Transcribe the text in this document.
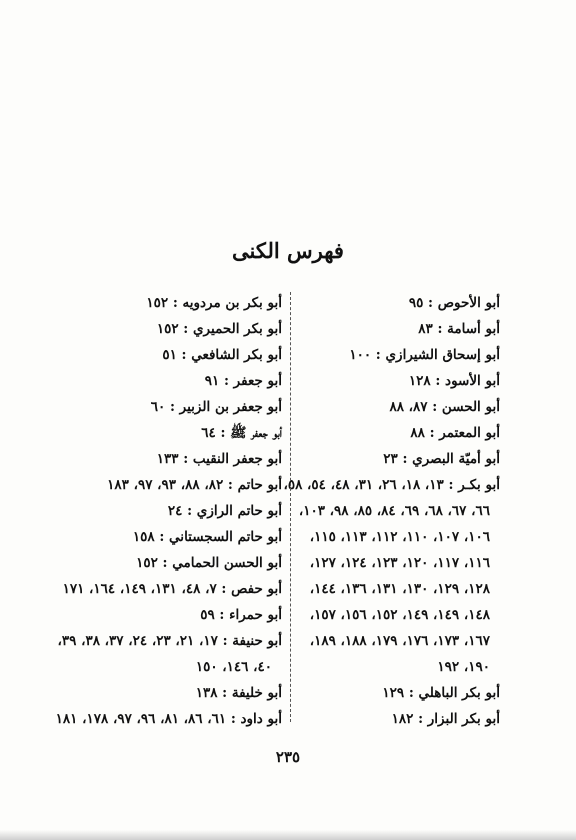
فهرس الكنى
أبو الأحوص : ٩٥
أبو أسامة : ٨٣
أبو إسحاق الشيرازي : ١٠٠
أبو الأسود : ١٢٨
أبو الحسن : ٨٧، ٨٨
أبو المعتمر : ٨٨
أبو أميّة البصري : ٢٣
أبو بكـر : ١٣، ١٨، ٢٦، ٣١، ٤٨، ٥٤، ٥٨،
٦٦، ٦٧، ٦٨، ٦٩، ٨٤، ٨٥، ٩٨، ١٠٣،
١٠٦، ١٠٧، ١١٠، ١١٢، ١١٣، ١١٥،
١١٦، ١١٧، ١٢٠، ١٢٣، ١٢٤، ١٢٧،
١٢٨، ١٢٩، ١٣٠، ١٣١، ١٣٦، ١٤٤،
١٤٨، ١٤٩، ١٤٩، ١٥٢، ١٥٦، ١٥٧،
١٦٧، ١٧٣، ١٧٦، ١٧٩، ١٨٨، ١٨٩،
١٩٠، ١٩٢
أبو بكر الباهلي : ١٢٩
أبو بكر البزار : ١٨٢
أبو بكر بن مردويه : ١٥٢
أبو بكر الحميري : ١٥٢
أبو بكر الشافعي : ٥١
أبو جعفر : ٩١
أبو جعفر بن الزبير : ٦٠
أبو جعفر ﷺ : ٦٤
أبو جعفر النقيب : ١٣٣
أبو حاتم : ٨٢، ٨٨، ٩٣، ٩٧، ١٨٣
أبو حاتم الرازي : ٢٤
أبو حاتم السجستاني : ١٥٨
أبو الحسن الحمامي : ١٥٢
أبو حفص : ٧، ٤٨، ١٣١، ١٤٩، ١٦٤، ١٧١
أبو حمراء : ٥٩
أبو حنيفة : ١٧، ٢١، ٢٣، ٢٤، ٣٧، ٣٨، ٣٩،
٤٠، ١٤٦، ١٥٠
أبو خليفة : ١٣٨
أبو داود : ٦١، ٨٦، ٨١، ٩٦، ٩٧، ١٧٨، ١٨١
٢٣٥
